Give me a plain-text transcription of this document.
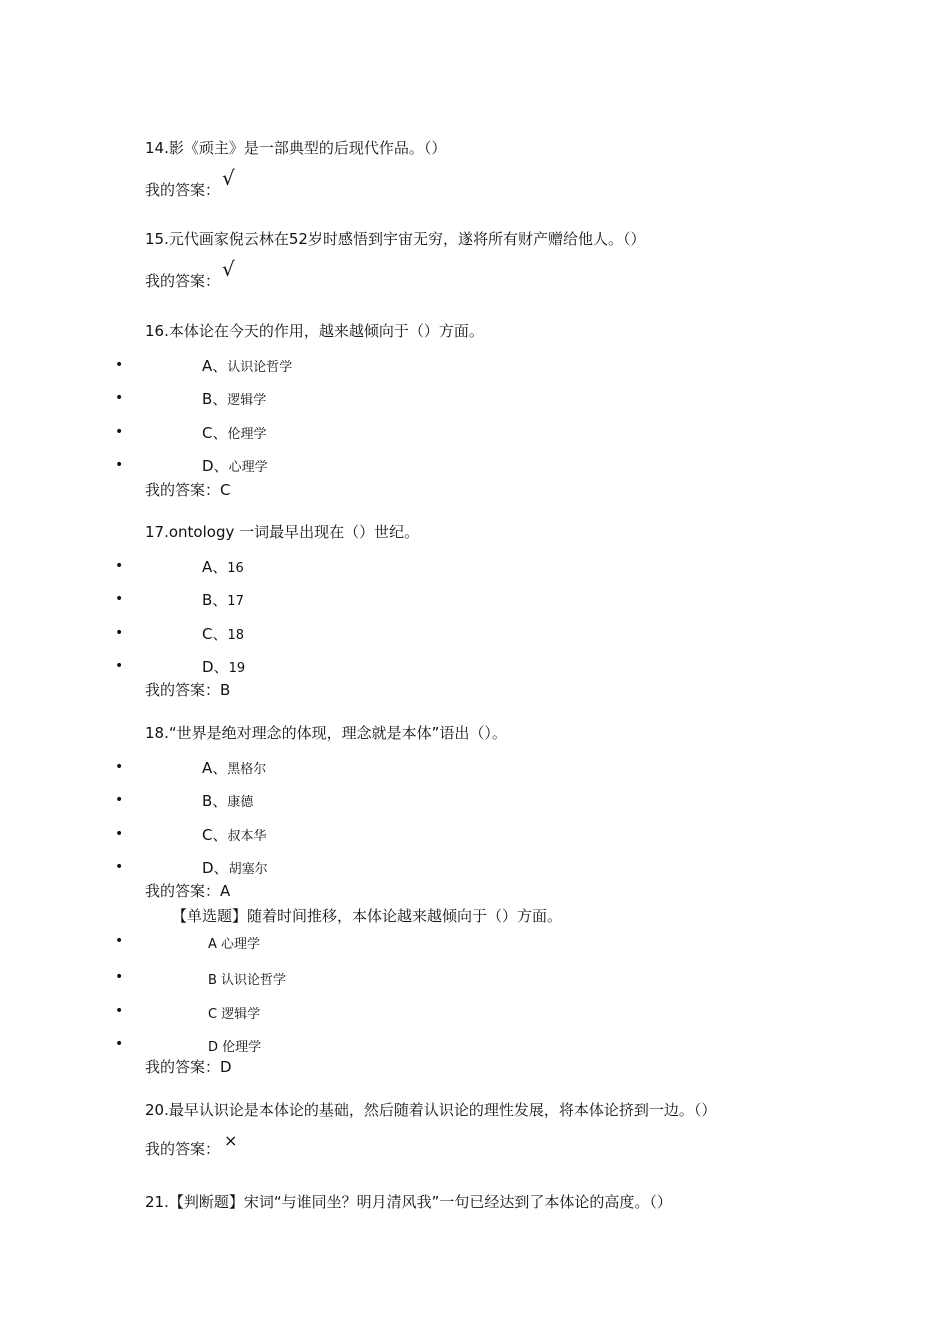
14.影《顽主》是一部典型的后现代作品。（）
我的答案： √
15.元代画家倪云林在52岁时感悟到宇宙无穷，遂将所有财产赠给他人。（）
我的答案： √
16.本体论在今天的作用，越来越倾向于（）方面。
•	A、认识论哲学
•	B、逻辑学
•	C、伦理学
•	D、心理学
我的答案：C
17.ontology 一词最早出现在（）世纪。
•	A、16
•	B、17
•	C、18
•	D、19
我的答案：B
18.“世界是绝对理念的体现，理念就是本体”语出（）。
•	A、黑格尔
•	B、康德
•	C、叔本华
•	D、胡塞尔
我的答案：A
【单选题】随着时间推移，本体论越来越倾向于（）方面。
•	A 心理学
•	B 认识论哲学
•	C 逻辑学
•	D 伦理学
我的答案：D
20.最早认识论是本体论的基础，然后随着认识论的理性发展，将本体论挤到一边。（）
我的答案： ×
21.【判断题】宋词“与谁同坐？明月清风我”一句已经达到了本体论的高度。（）
